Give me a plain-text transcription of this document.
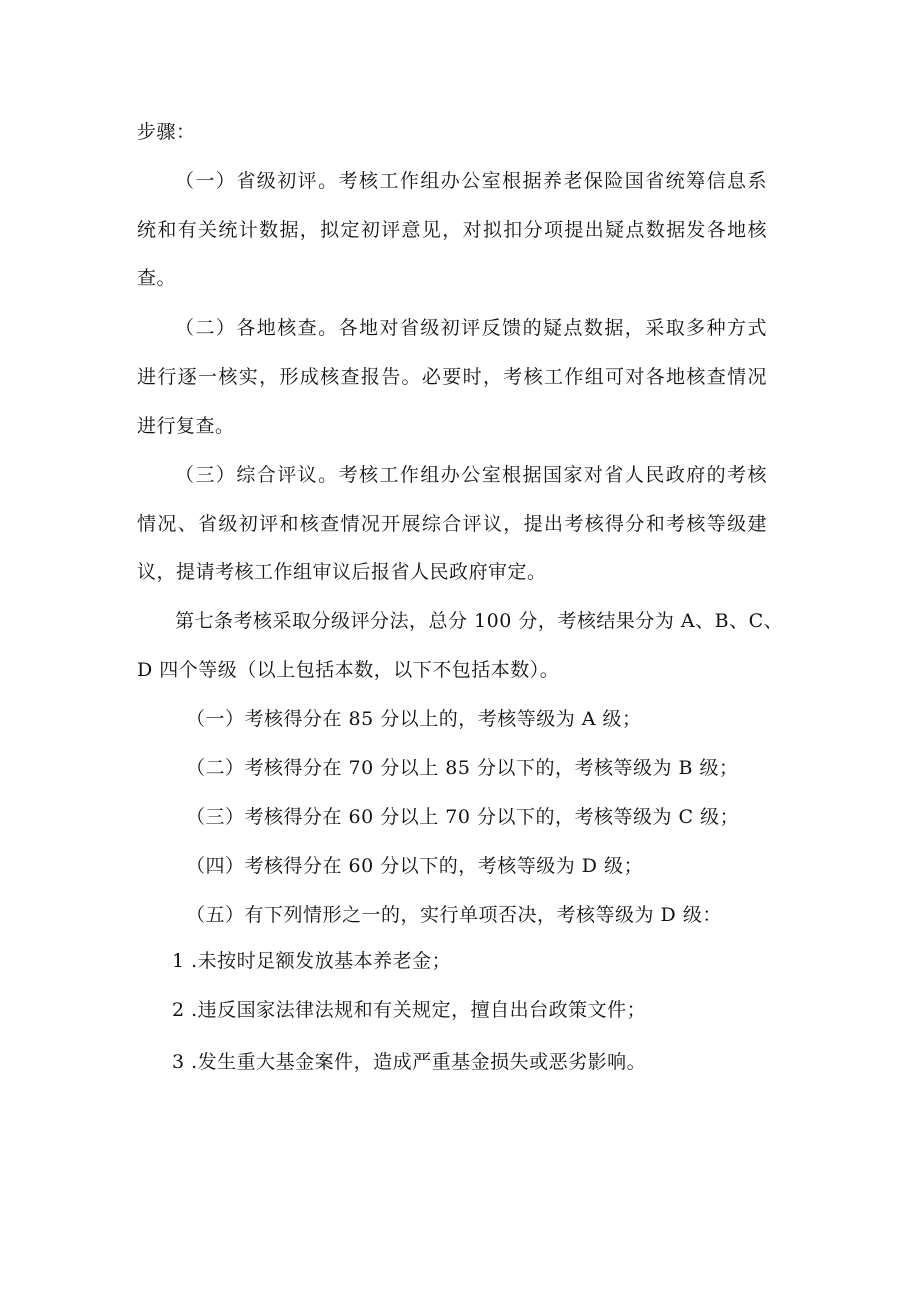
步骤：
（一）省级初评。考核工作组办公室根据养老保险国省统筹信息系
统和有关统计数据，拟定初评意见，对拟扣分项提出疑点数据发各地核
查。
（二）各地核查。各地对省级初评反馈的疑点数据，采取多种方式
进行逐一核实，形成核查报告。必要时，考核工作组可对各地核查情况
进行复查。
（三）综合评议。考核工作组办公室根据国家对省人民政府的考核
情况、省级初评和核查情况开展综合评议，提出考核得分和考核等级建
议，提请考核工作组审议后报省人民政府审定。
第七条考核采取分级评分法，总分 100 分，考核结果分为 A、B、C、
D 四个等级（以上包括本数，以下不包括本数）。
（一）考核得分在 85 分以上的，考核等级为 A 级；
（二）考核得分在 70 分以上 85 分以下的，考核等级为 B 级；
（三）考核得分在 60 分以上 70 分以下的，考核等级为 C 级；
（四）考核得分在 60 分以下的，考核等级为 D 级；
（五）有下列情形之一的，实行单项否决，考核等级为 D 级：
1 .未按时足额发放基本养老金；
2 .违反国家法律法规和有关规定，擅自出台政策文件；
3 .发生重大基金案件，造成严重基金损失或恶劣影响。
